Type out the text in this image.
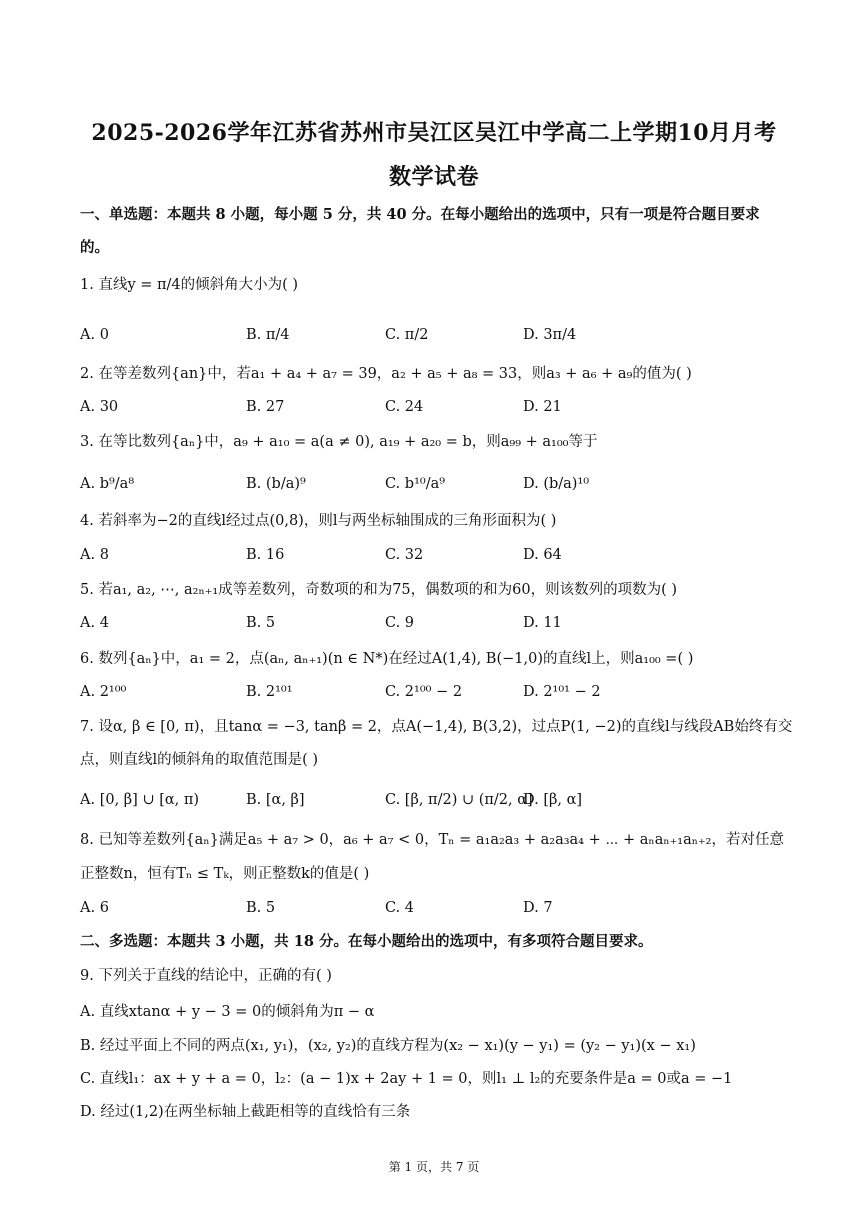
2025-2026学年江苏省苏州市吴江区吴江中学高二上学期10月月考
数学试卷
一、单选题：本题共 8 小题，每小题 5 分，共 40 分。在每小题给出的选项中，只有一项是符合题目要求
的。
1. 直线y = π/4的倾斜角大小为( )
A. 0	B. π/4	C. π/2	D. 3π/4
2. 在等差数列{an}中，若a₁ + a₄ + a₇ = 39，a₂ + a₅ + a₈ = 33，则a₃ + a₆ + a₉的值为( )
A. 30	B. 27	C. 24	D. 21
3. 在等比数列{aₙ}中，a₉ + a₁₀ = a(a ≠ 0), a₁₉ + a₂₀ = b，则a₉₉ + a₁₀₀等于
A. b⁹/a⁸	B. (b/a)⁹	C. b¹⁰/a⁹	D. (b/a)¹⁰
4. 若斜率为−2的直线l经过点(0,8)，则l与两坐标轴围成的三角形面积为( )
A. 8	B. 16	C. 32	D. 64
5. 若a₁, a₂, ⋯, a₂ₙ₊₁成等差数列，奇数项的和为75，偶数项的和为60，则该数列的项数为( )
A. 4	B. 5	C. 9	D. 11
6. 数列{aₙ}中，a₁ = 2，点(aₙ, aₙ₊₁)(n ∈ N*)在经过A(1,4), B(−1,0)的直线l上，则a₁₀₀ =( )
A. 2¹⁰⁰	B. 2¹⁰¹	C. 2¹⁰⁰ − 2	D. 2¹⁰¹ − 2
7. 设α, β ∈ [0, π)，且tanα = −3, tanβ = 2，点A(−1,4), B(3,2)，过点P(1, −2)的直线l与线段AB始终有交
点，则直线l的倾斜角的取值范围是( )
A. [0, β] ∪ [α, π)	B. [α, β]	C. [β, π/2) ∪ (π/2, α]
D. [β, α]
8. 已知等差数列{aₙ}满足a₅ + a₇ > 0，a₆ + a₇ < 0，Tₙ = a₁a₂a₃ + a₂a₃a₄ + ⋯ + aₙaₙ₊₁aₙ₊₂，若对任意
正整数n，恒有Tₙ ≤ Tₖ，则正整数k的值是( )
A. 6	B. 5	C. 4	D. 7
二、多选题：本题共 3 小题，共 18 分。在每小题给出的选项中，有多项符合题目要求。
9. 下列关于直线的结论中，正确的有( )
A. 直线xtanα + y − 3 = 0的倾斜角为π − α
B. 经过平面上不同的两点(x₁, y₁)，(x₂, y₂)的直线方程为(x₂ − x₁)(y − y₁) = (y₂ − y₁)(x − x₁)
C. 直线l₁：ax + y + a = 0，l₂：(a − 1)x + 2ay + 1 = 0，则l₁ ⊥ l₂的充要条件是a = 0或a = −1
D. 经过(1,2)在两坐标轴上截距相等的直线恰有三条
第 1 页，共 7 页
